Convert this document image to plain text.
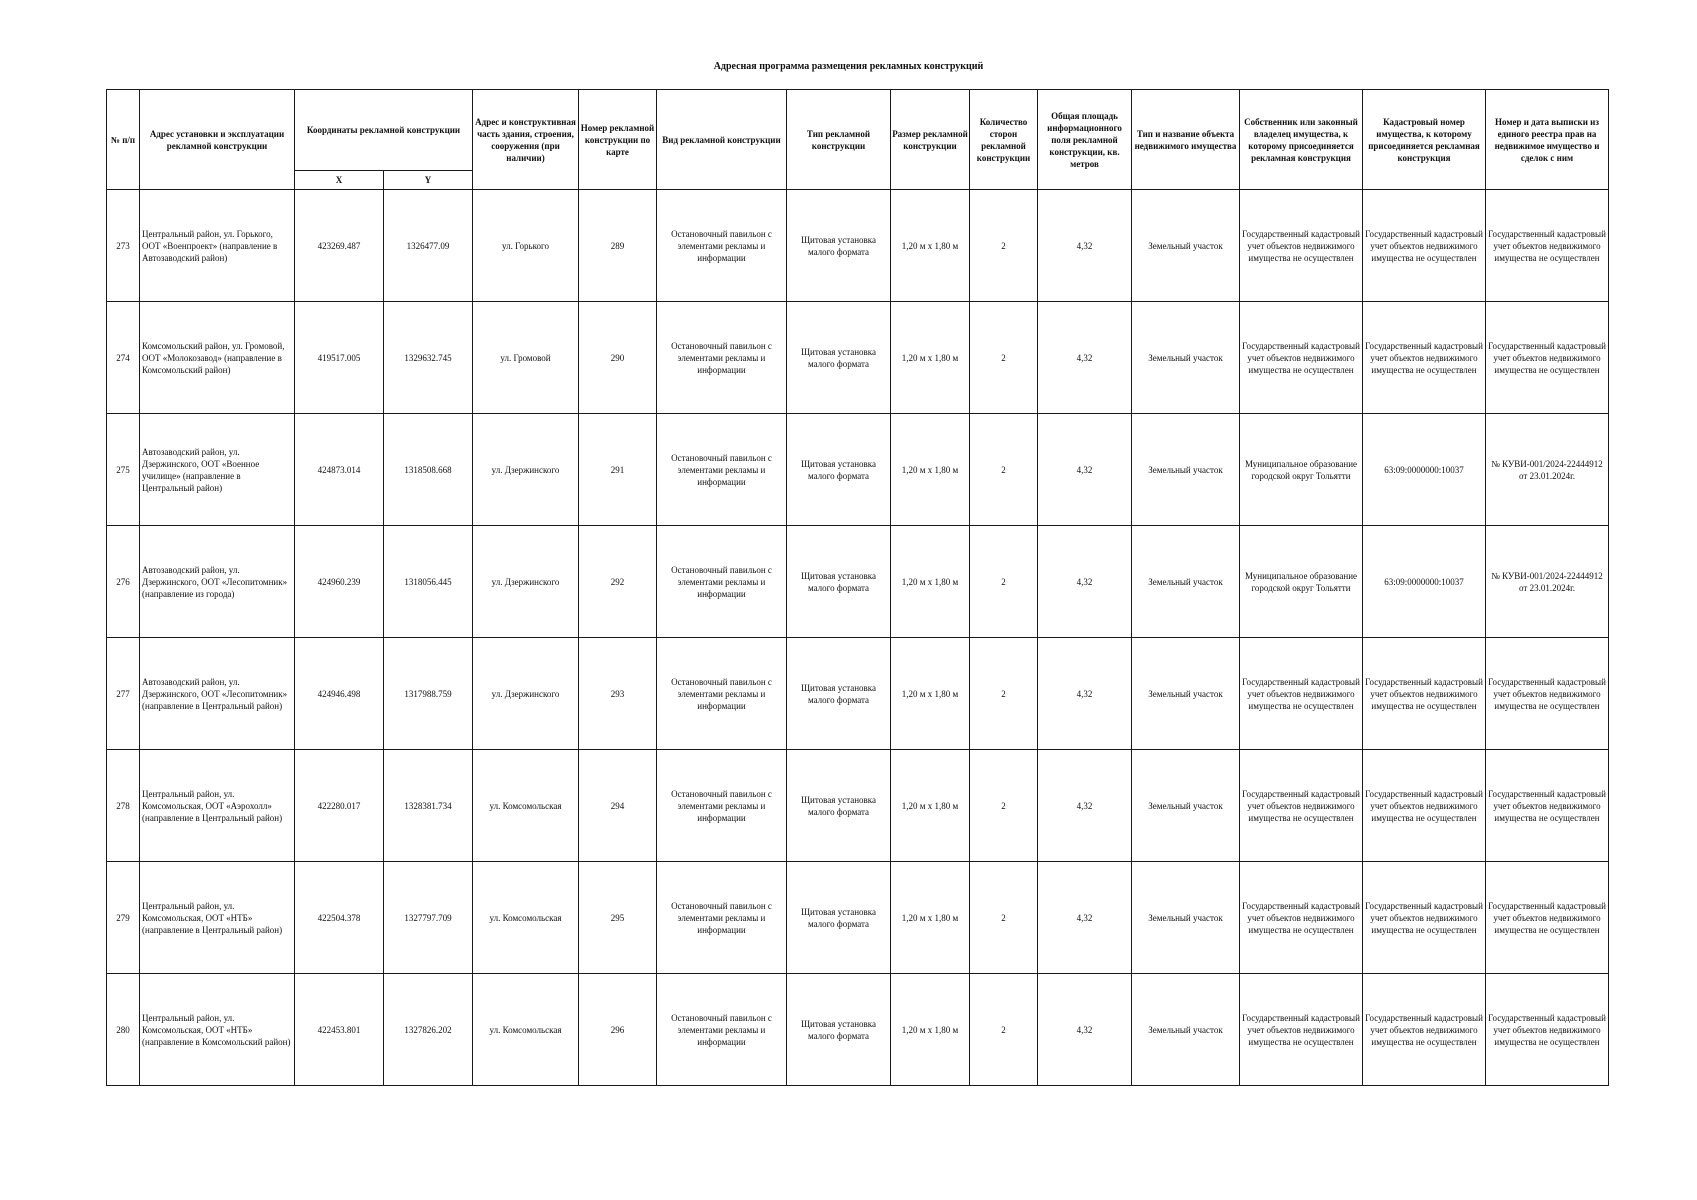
Адресная программа размещения рекламных конструкций
№ п/п	Адрес установки и эксплуатации рекламной конструкции	Координаты рекламной конструкции		Адрес и конструктивная часть здания, строения, сооружения (при наличии)	Номер рекламной конструкции по карте	Вид рекламной конструкции	Тип рекламной конструкции	Размер рекламной конструкции	Количество сторон рекламной конструкции	Общая площадь информационного поля рекламной конструкции, кв. метров	Тип и название объекта недвижимого имущества	Собственник или законный владелец имущества, к которому присоединяется рекламная конструкция	Кадастровый номер имущества, к которому присоединяется рекламная конструкция	Номер и дата выписки из единого реестра прав на недвижимое имущество и сделок с ним
		X	Y											
273	Центральный район, ул. Горького, ООТ «Военпроект» (направление в Автозаводский район)	423269.487	1326477.09	ул. Горького	289	Остановочный павильон с элементами рекламы и информации	Щитовая установка малого формата	1,20 м х 1,80 м	2	4,32	Земельный участок	Государственный кадастровый учет объектов недвижимого имущества не осуществлен	Государственный кадастровый учет объектов недвижимого имущества не осуществлен	Государственный кадастровый учет объектов недвижимого имущества не осуществлен
274	Комсомольский район, ул. Громовой, ООТ «Молокозавод» (направление в Комсомольский район)	419517.005	1329632.745	ул. Громовой	290	Остановочный павильон с элементами рекламы и информации	Щитовая установка малого формата	1,20 м х 1,80 м	2	4,32	Земельный участок	Государственный кадастровый учет объектов недвижимого имущества не осуществлен	Государственный кадастровый учет объектов недвижимого имущества не осуществлен	Государственный кадастровый учет объектов недвижимого имущества не осуществлен
275	Автозаводский район, ул. Дзержинского, ООТ «Военное училище» (направление в Центральный район)	424873.014	1318508.668	ул. Дзержинского	291	Остановочный павильон с элементами рекламы и информации	Щитовая установка малого формата	1,20 м х 1,80 м	2	4,32	Земельный участок	Муниципальное образование городской округ Тольятти	63:09:0000000:10037	№ КУВИ-001/2024-22444912 от 23.01.2024г.
276	Автозаводский район, ул. Дзержинского, ООТ «Лесопитомник» (направление из города)	424960.239	1318056.445	ул. Дзержинского	292	Остановочный павильон с элементами рекламы и информации	Щитовая установка малого формата	1,20 м х 1,80 м	2	4,32	Земельный участок	Муниципальное образование городской округ Тольятти	63:09:0000000:10037	№ КУВИ-001/2024-22444912 от 23.01.2024г.
277	Автозаводский район, ул. Дзержинского, ООТ «Лесопитомник» (направление в Центральный район)	424946.498	1317988.759	ул. Дзержинского	293	Остановочный павильон с элементами рекламы и информации	Щитовая установка малого формата	1,20 м х 1,80 м	2	4,32	Земельный участок	Государственный кадастровый учет объектов недвижимого имущества не осуществлен	Государственный кадастровый учет объектов недвижимого имущества не осуществлен	Государственный кадастровый учет объектов недвижимого имущества не осуществлен
278	Центральный район, ул. Комсомольская, ООТ «Аэрохолл» (направление в Центральный район)	422280.017	1328381.734	ул. Комсомольская	294	Остановочный павильон с элементами рекламы и информации	Щитовая установка малого формата	1,20 м х 1,80 м	2	4,32	Земельный участок	Государственный кадастровый учет объектов недвижимого имущества не осуществлен	Государственный кадастровый учет объектов недвижимого имущества не осуществлен	Государственный кадастровый учет объектов недвижимого имущества не осуществлен
279	Центральный район, ул. Комсомольская, ООТ «НТБ» (направление в Центральный район)	422504.378	1327797.709	ул. Комсомольская	295	Остановочный павильон с элементами рекламы и информации	Щитовая установка малого формата	1,20 м х 1,80 м	2	4,32	Земельный участок	Государственный кадастровый учет объектов недвижимого имущества не осуществлен	Государственный кадастровый учет объектов недвижимого имущества не осуществлен	Государственный кадастровый учет объектов недвижимого имущества не осуществлен
280	Центральный район, ул. Комсомольская, ООТ «НТБ» (направление в Комсомольский район)	422453.801	1327826.202	ул. Комсомольская	296	Остановочный павильон с элементами рекламы и информации	Щитовая установка малого формата	1,20 м х 1,80 м	2	4,32	Земельный участок	Государственный кадастровый учет объектов недвижимого имущества не осуществлен	Государственный кадастровый учет объектов недвижимого имущества не осуществлен	Государственный кадастровый учет объектов недвижимого имущества не осуществлен
